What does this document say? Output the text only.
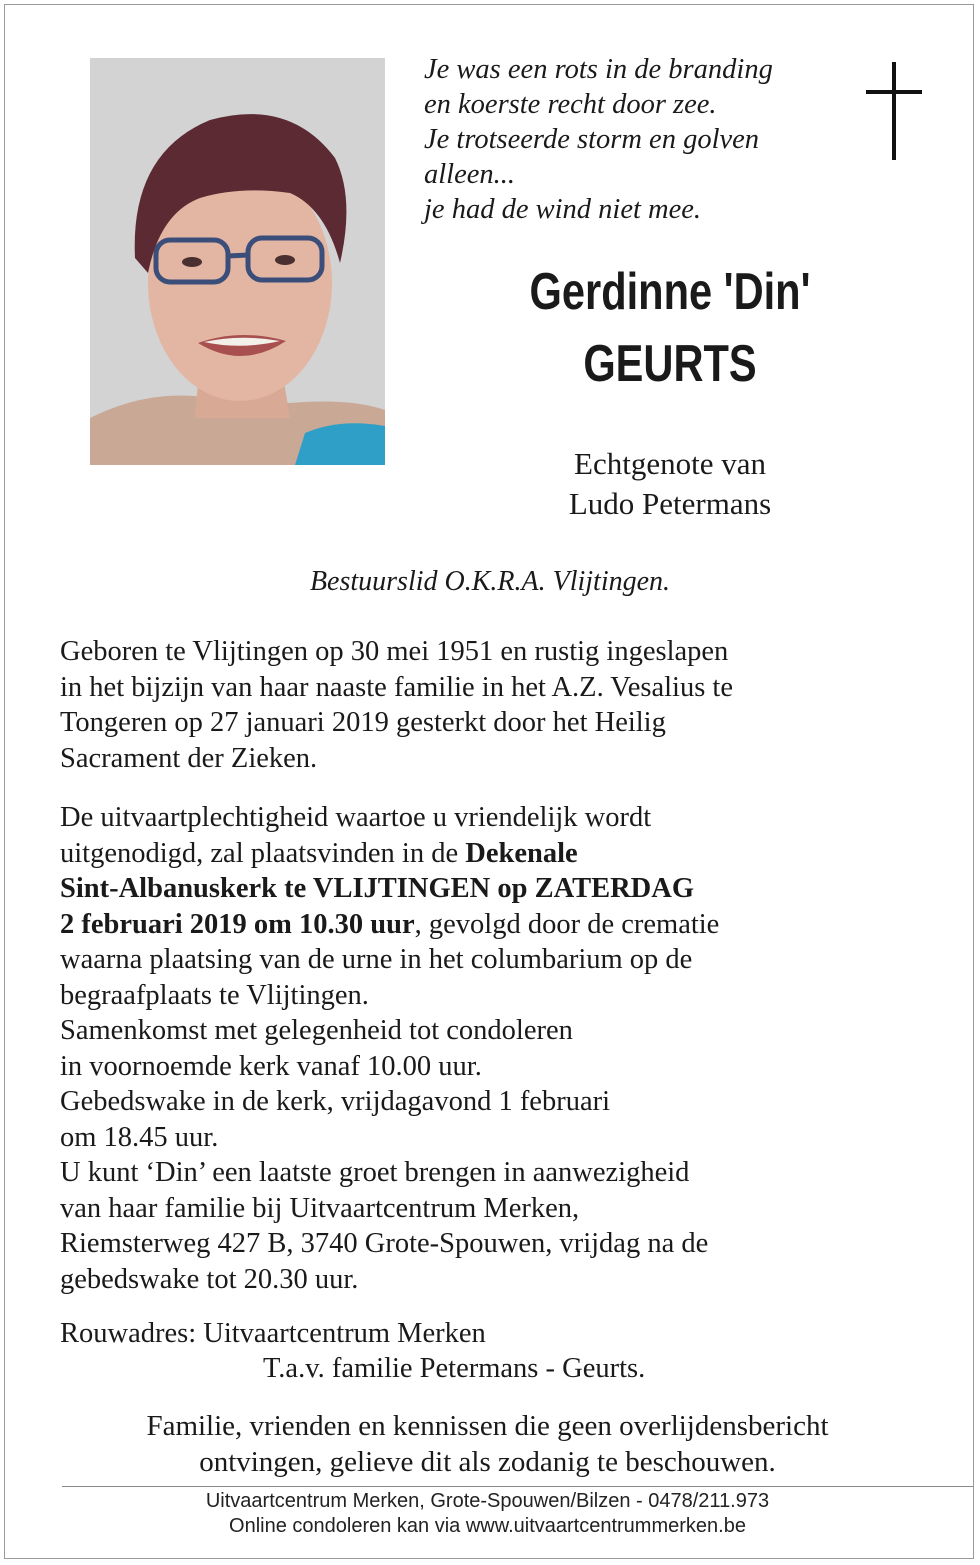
Je was een rots in de branding
en koerste recht door zee.
Je trotseerde storm en golven
alleen...
je had de wind niet mee.
Gerdinne 'Din'
GEURTS
Echtgenote van
Ludo Petermans
Bestuurslid O.K.R.A. Vlijtingen.
Geboren te Vlijtingen op 30 mei 1951 en rustig ingeslapen
in het bijzijn van haar naaste familie in het A.Z. Vesalius te
Tongeren op 27 januari 2019 gesterkt door het Heilig
Sacrament der Zieken.
De uitvaartplechtigheid waartoe u vriendelijk wordt
uitgenodigd, zal plaatsvinden in de Dekenale
Sint-Albanuskerk te VLIJTINGEN op ZATERDAG
2 februari 2019 om 10.30 uur, gevolgd door de crematie
waarna plaatsing van de urne in het columbarium op de
begraafplaats te Vlijtingen.
Samenkomst met gelegenheid tot condoleren
in voornoemde kerk vanaf 10.00 uur.
Gebedswake in de kerk, vrijdagavond 1 februari
om 18.45 uur.
U kunt ‘Din’ een laatste groet brengen in aanwezigheid
van haar familie bij Uitvaartcentrum Merken,
Riemsterweg 427 B, 3740 Grote-Spouwen, vrijdag na de
gebedswake tot 20.30 uur.
Rouwadres: Uitvaartcentrum Merken
T.a.v. familie Petermans - Geurts.
Familie, vrienden en kennissen die geen overlijdensbericht
ontvingen, gelieve dit als zodanig te beschouwen.
Uitvaartcentrum Merken, Grote-Spouwen/Bilzen - 0478/211.973
Online condoleren kan via www.uitvaartcentrummerken.be
